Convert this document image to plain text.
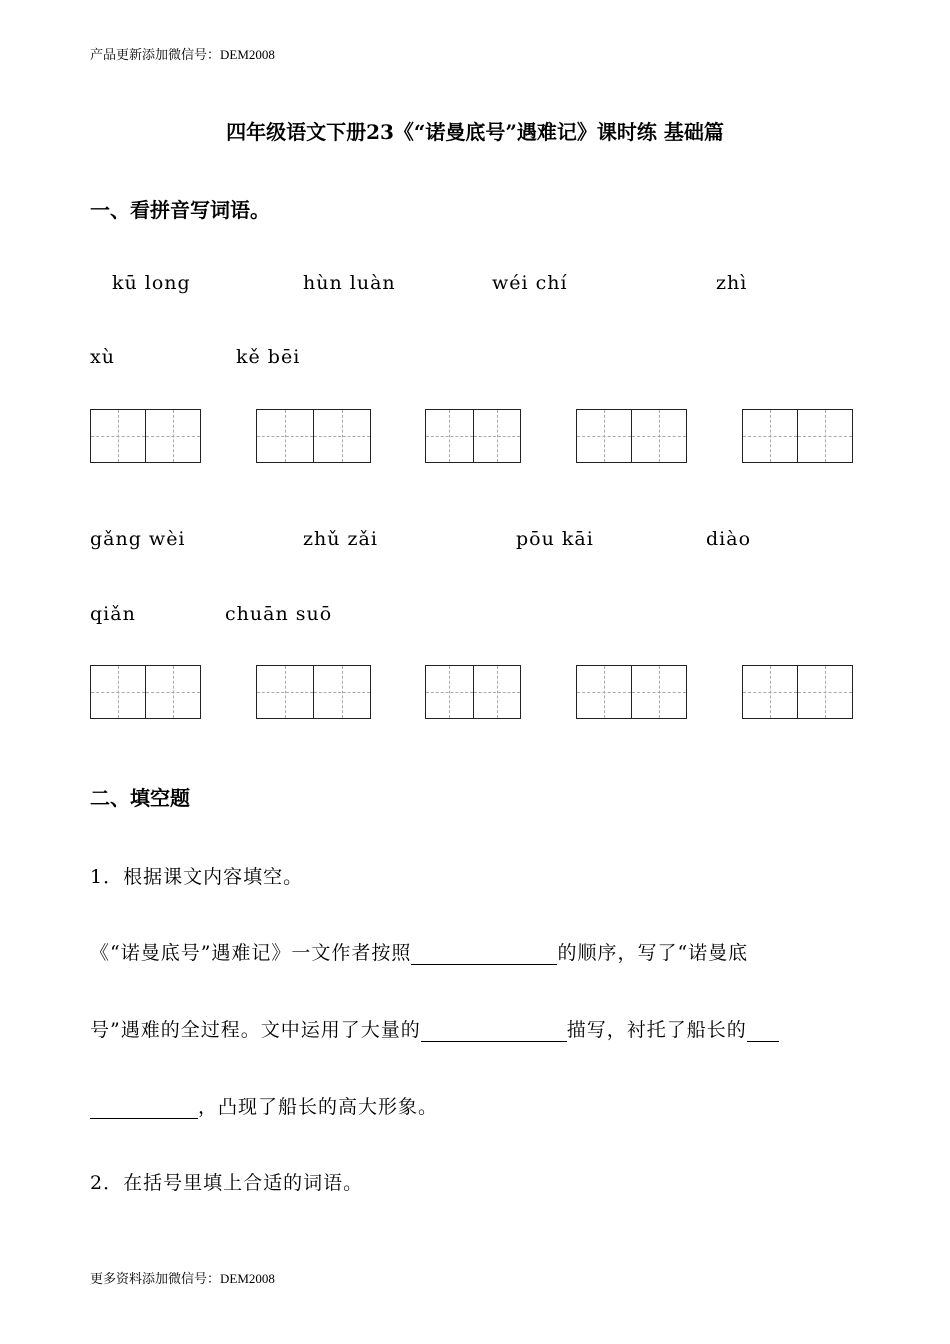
产品更新添加微信号：DEM2008
四年级语文下册23《“诺曼底号”遇难记》课时练 基础篇
一、看拼音写词语。
kū long	hùn luàn	wéi chí	zhì
xù	kě bēi
gǎng wèi	zhǔ zǎi	pōu kāi	diào
qiǎn	chuān suō
二、填空题
1．根据课文内容填空。
《“诺曼底号”遇难记》一文作者按照	的顺序，写了“诺曼底
号”遇难的全过程。文中运用了大量的	描写，衬托了船长的
，凸现了船长的高大形象。
2．在括号里填上合适的词语。
更多资料添加微信号：DEM2008
